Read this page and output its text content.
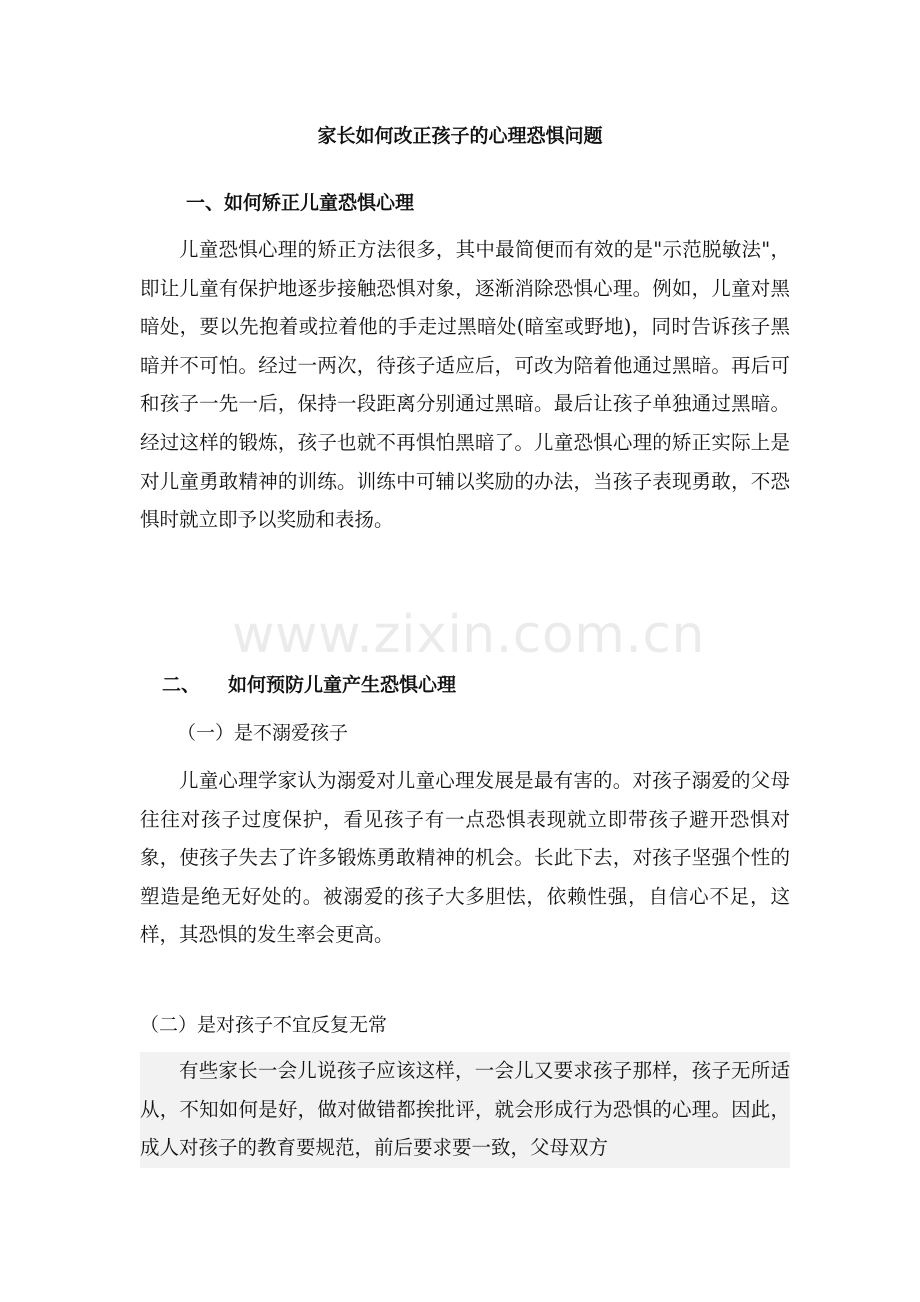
家长如何改正孩子的心理恐惧问题
一、如何矫正儿童恐惧心理

儿童恐惧心理的矫正方法很多，其中最简便而有效的是"示范脱敏法"，即让儿童有保护地逐步接触恐惧对象，逐渐消除恐惧心理。例如，儿童对黑暗处，要以先抱着或拉着他的手走过黑暗处(暗室或野地)，同时告诉孩子黑暗并不可怕。经过一两次，待孩子适应后，可改为陪着他通过黑暗。再后可和孩子一先一后，保持一段距离分别通过黑暗。最后让孩子单独通过黑暗。经过这样的锻炼，孩子也就不再惧怕黑暗了。儿童恐惧心理的矫正实际上是对儿童勇敢精神的训练。训练中可辅以奖励的办法，当孩子表现勇敢，不恐惧时就立即予以奖励和表扬。

二、 如何预防儿童产生恐惧心理
（一）是不溺爱孩子

儿童心理学家认为溺爱对儿童心理发展是最有害的。对孩子溺爱的父母往往对孩子过度保护，看见孩子有一点恐惧表现就立即带孩子避开恐惧对象，使孩子失去了许多锻炼勇敢精神的机会。长此下去，对孩子坚强个性的塑造是绝无好处的。被溺爱的孩子大多胆怯，依赖性强，自信心不足，这样，其恐惧的发生率会更高。

（二）是对孩子不宜反复无常

有些家长一会儿说孩子应该这样，一会儿又要求孩子那样，孩子无所适从，不知如何是好，做对做错都挨批评，就会形成行为恐惧的心理。因此，成人对孩子的教育要规范，前后要求要一致，父母双方

www.zixin.com.cn
